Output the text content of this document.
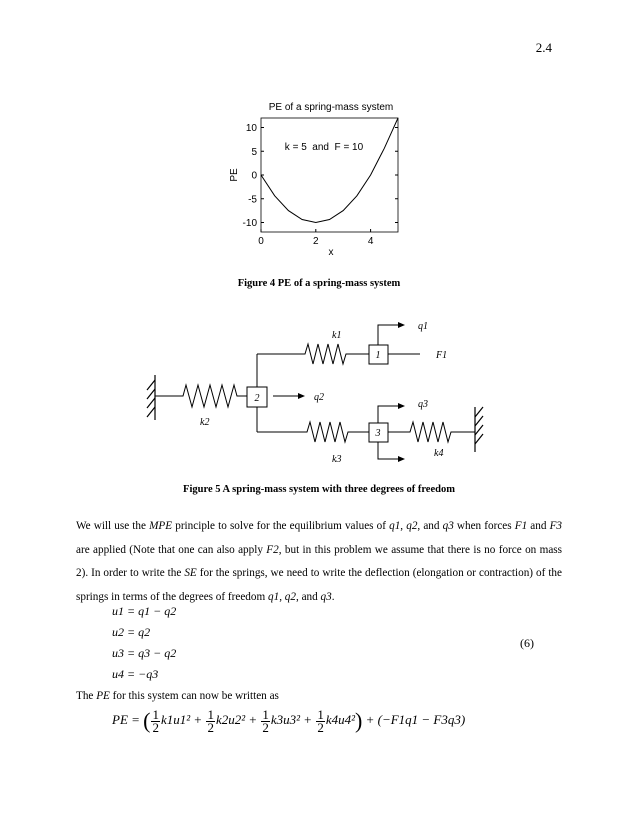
2.4
PE of a spring-mass system
10
5
0
-5
-10
0	2	4
k = 5  and  F = 10
PE
x
Figure 4 PE of a spring-mass system
2	q2
k1
1	F1
q1
k3
3
q3
k4
k2
Figure 5 A spring-mass system with three degrees of freedom
We will use the MPE principle to solve for the equilibrium values of q1, q2, and q3 when forces F1 and F3 are applied (Note that one can also apply F2, but in this problem we assume that there is no force on mass 2). In order to write the SE for the springs, we need to write the deflection (elongation or contraction) of the springs in terms of the degrees of freedom q1, q2, and q3.
u1 = q1 − q2
u2 = q2
u3 = q3 − q2
u4 = −q3
(6)
The PE for this system can now be written as
PE = ( $\frac{1}{2} k1u1^2 + \frac{1}{2} k2u2^2 + \frac{1}{2} k3u3^2 + \frac{1}{2} k4u4^2) + (-F1q1 - F3q3)$
